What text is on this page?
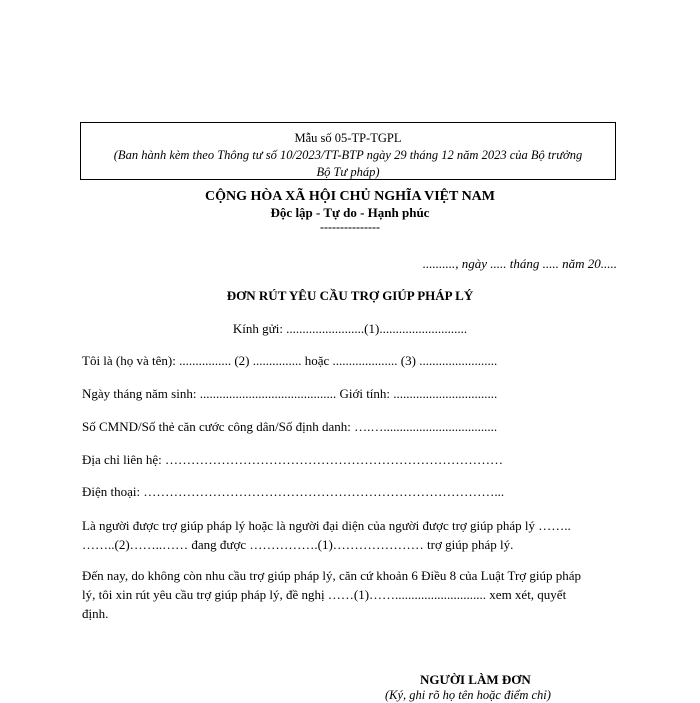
Mẫu số 05-TP-TGPL
(Ban hành kèm theo Thông tư số 10/2023/TT-BTP ngày 29 tháng 12 năm 2023 của Bộ trưởng
Bộ Tư pháp)
CỘNG HÒA XÃ HỘI CHỦ NGHĨA VIỆT NAM
Độc lập - Tự do - Hạnh phúc
---------------
.........., ngày ..... tháng ..... năm 20.....
ĐƠN RÚT YÊU CẦU TRỢ GIÚP PHÁP LÝ
Kính gửi: ........................(1)...........................
Tôi là (họ và tên): ................ (2) ............... hoặc .................... (3) ........................
Ngày tháng năm sinh: .......................................... Giới tính: ................................
Số CMND/Số thẻ căn cước công dân/Số định danh: ….…...................................
Địa chỉ liên hệ: ……………………………………………………………………
Điện thoại: ………………………………………………………………………...
Là người được trợ giúp pháp lý hoặc là người đại diện của người được trợ giúp pháp lý ……..
……..(2)……..…… đang được …………….(1)………………… trợ giúp pháp lý.
Đến nay, do không còn nhu cầu trợ giúp pháp lý, căn cứ khoản 6 Điều 8 của Luật Trợ giúp pháp
lý, tôi xin rút yêu cầu trợ giúp pháp lý, đề nghị ……(1)……............................ xem xét, quyết
định.
NGƯỜI LÀM ĐƠN
(Ký, ghi rõ họ tên hoặc điểm chỉ)
